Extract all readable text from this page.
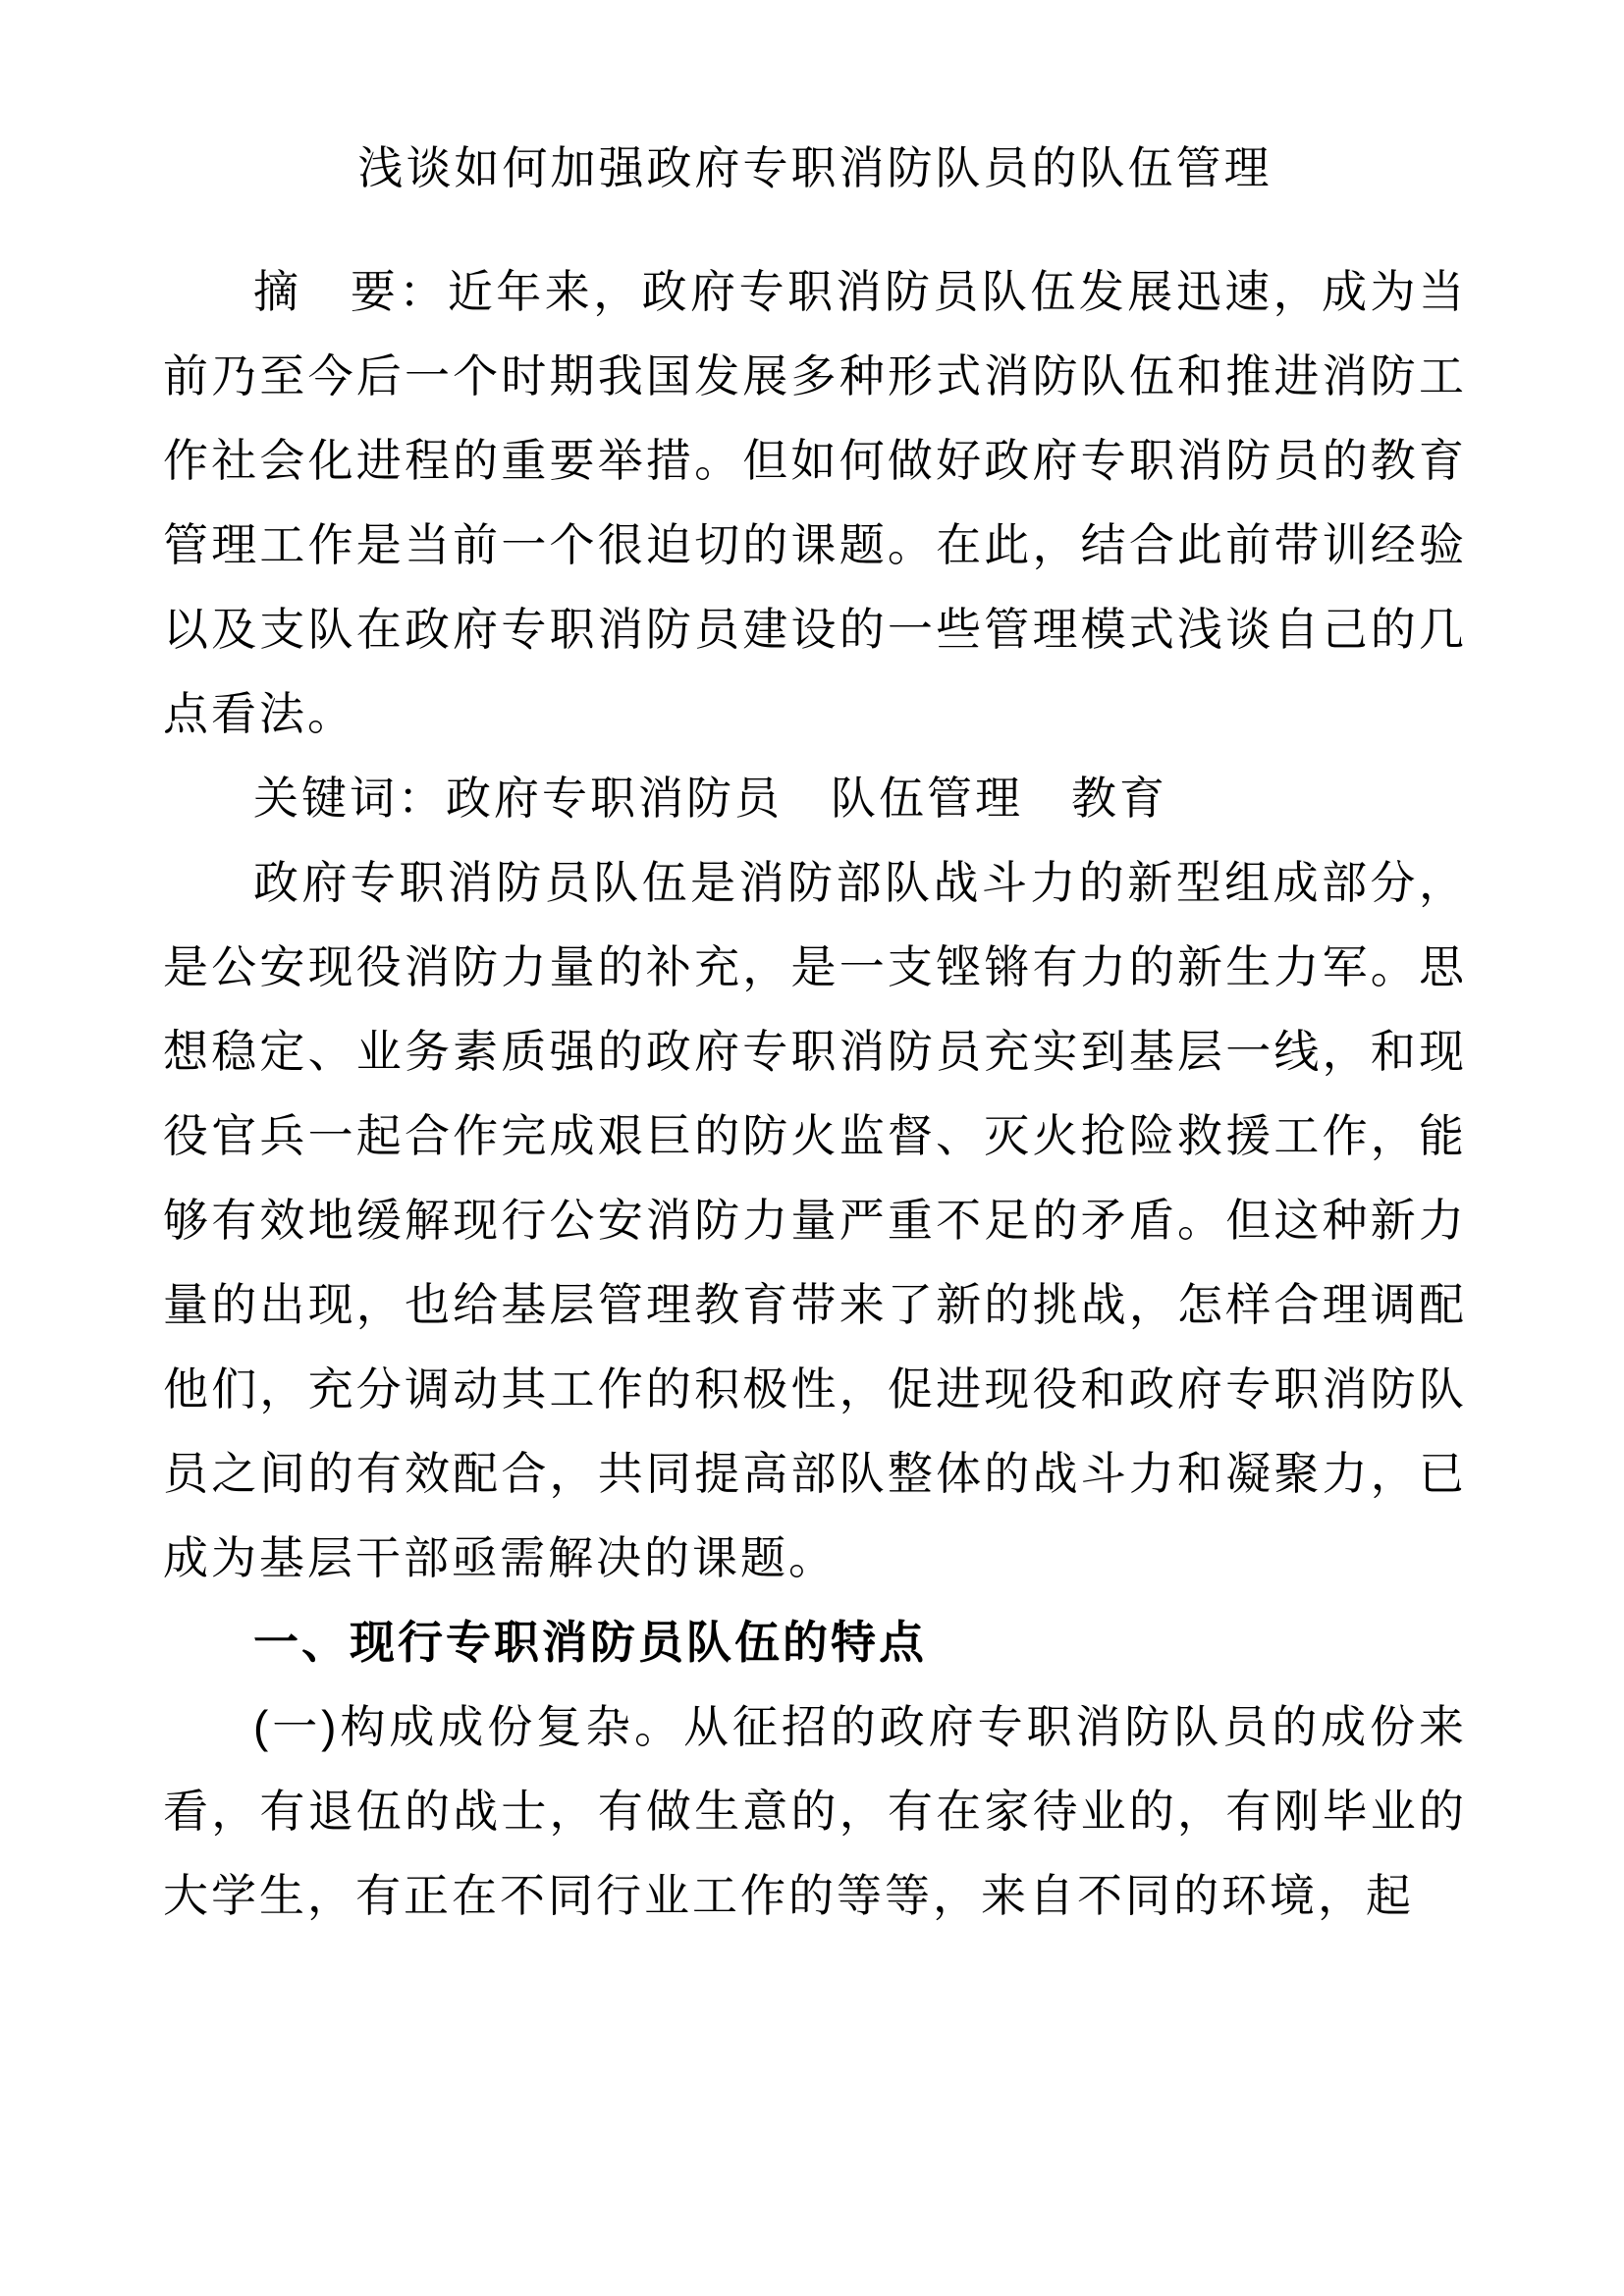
浅谈如何加强政府专职消防队员的队伍管理

摘　要：近年来，政府专职消防员队伍发展迅速，成为当前乃至今后一个时期我国发展多种形式消防队伍和推进消防工作社会化进程的重要举措。但如何做好政府专职消防员的教育管理工作是当前一个很迫切的课题。在此，结合此前带训经验以及支队在政府专职消防员建设的一些管理模式浅谈自己的几点看法。

关键词：政府专职消防员　队伍管理　教育

政府专职消防员队伍是消防部队战斗力的新型组成部分，是公安现役消防力量的补充，是一支铿锵有力的新生力军。思想稳定、业务素质强的政府专职消防员充实到基层一线，和现役官兵一起合作完成艰巨的防火监督、灭火抢险救援工作，能够有效地缓解现行公安消防力量严重不足的矛盾。但这种新力量的出现，也给基层管理教育带来了新的挑战，怎样合理调配他们，充分调动其工作的积极性，促进现役和政府专职消防队员之间的有效配合，共同提高部队整体的战斗力和凝聚力，已成为基层干部亟需解决的课题。

一、现行专职消防员队伍的特点

(一)构成成份复杂。从征招的政府专职消防队员的成份来看，有退伍的战士，有做生意的，有在家待业的，有刚毕业的大学生，有正在不同行业工作的等等，来自不同的环境，起
